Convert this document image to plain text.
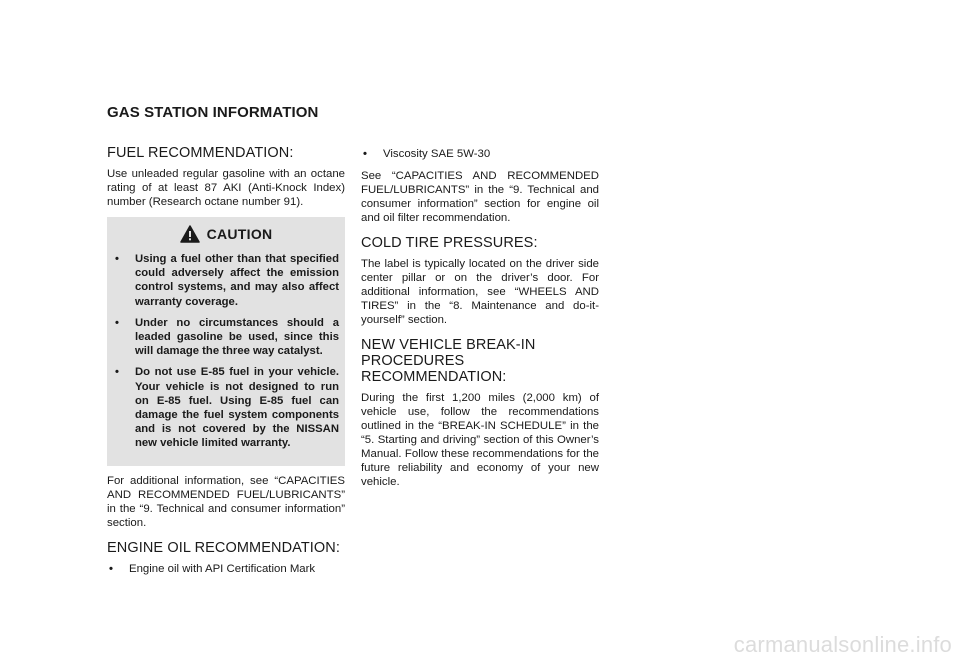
GAS STATION INFORMATION
FUEL RECOMMENDATION:

Use unleaded regular gasoline with an octane rating of at least 87 AKI (Anti-Knock Index) number (Research octane number 91).

CAUTION
• Using a fuel other than that specified could adversely affect the emission control systems, and may also affect warranty coverage.
• Under no circumstances should a leaded gasoline be used, since this will damage the three way catalyst.
• Do not use E-85 fuel in your vehicle. Your vehicle is not designed to run on E-85 fuel. Using E-85 fuel can damage the fuel system components and is not covered by the NISSAN new vehicle limited warranty.

For additional information, see “CAPACITIES AND RECOMMENDED FUEL/LUBRICANTS” in the “9. Technical and consumer information” section.

ENGINE OIL RECOMMENDATION:
• Engine oil with API Certification Mark
• Viscosity SAE 5W-30

See “CAPACITIES AND RECOMMENDED FUEL/LUBRICANTS” in the “9. Technical and consumer information” section for engine oil and oil filter recommendation.

COLD TIRE PRESSURES:

The label is typically located on the driver side center pillar or on the driver’s door. For additional information, see “WHEELS AND TIRES” in the “8. Maintenance and do-it-yourself” section.

NEW VEHICLE BREAK-IN PROCEDURES RECOMMENDATION:

During the first 1,200 miles (2,000 km) of vehicle use, follow the recommendations outlined in the “BREAK-IN SCHEDULE” in the “5. Starting and driving” section of this Owner’s Manual. Follow these recommendations for the future reliability and economy of your new vehicle.

carmanualsonline.info
